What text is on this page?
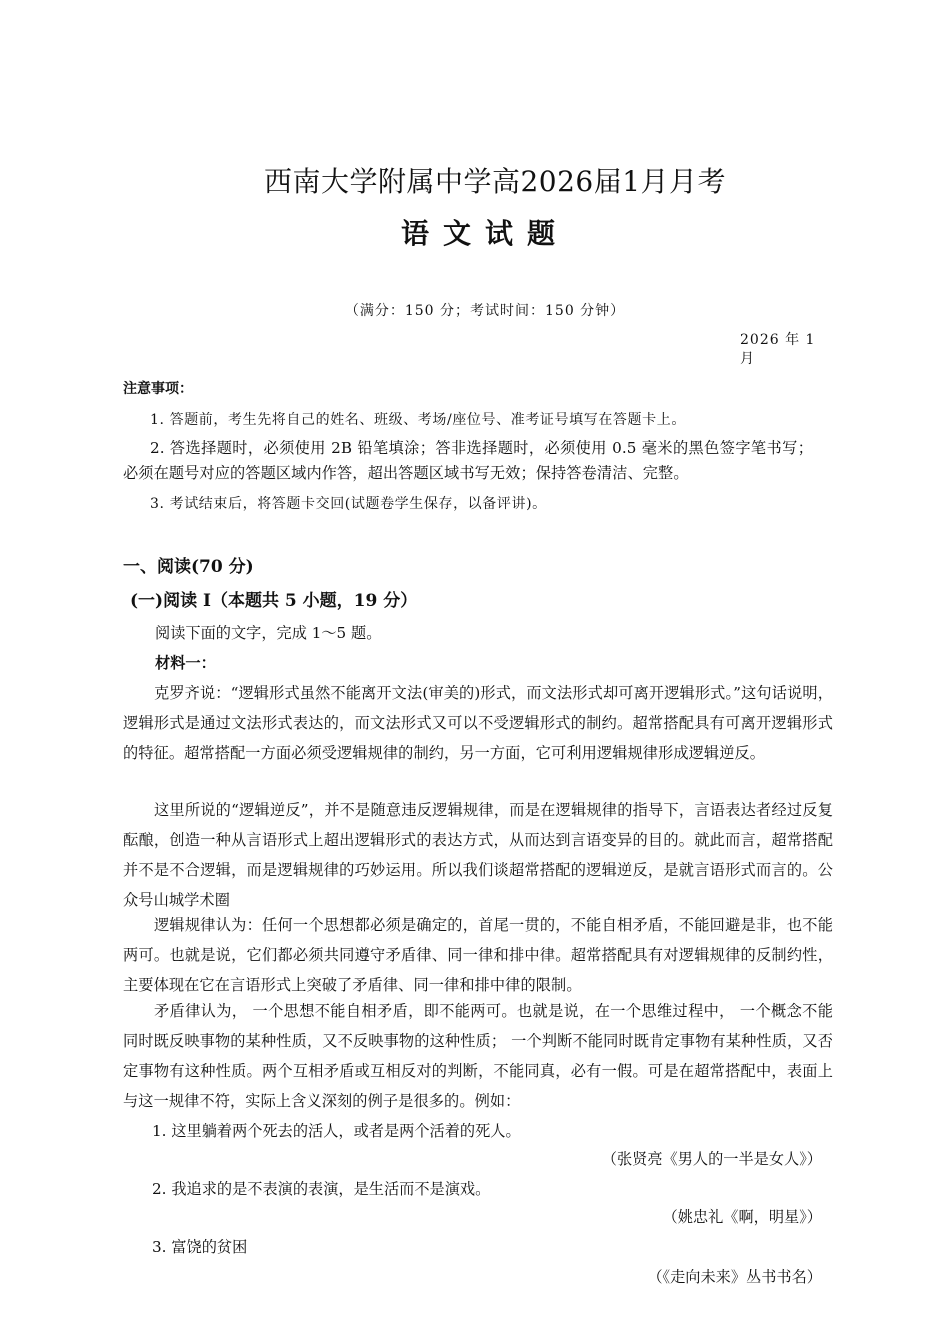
西南大学附属中学高2026届1月月考
语文试题
（满分：150 分；考试时间：150 分钟）
2026 年 1 月
注意事项：
1. 答题前，考生先将自己的姓名、班级、考场/座位号、准考证号填写在答题卡上。
2. 答选择题时，必须使用 2B 铅笔填涂；答非选择题时，必须使用 0.5 毫米的黑色签字笔书写； 必须在题号对应的答题区域内作答，超出答题区域书写无效；保持答卷清洁、完整。
3. 考试结束后，将答题卡交回(试题卷学生保存，以备评讲)。
一、阅读(70 分)
(一)阅读 I（本题共 5 小题，19 分）
阅读下面的文字，完成 1～5 题。
材料一：
克罗齐说：“逻辑形式虽然不能离开文法(审美的)形式，而文法形式却可离开逻辑形式。”这句话说明，逻辑形式是通过文法形式表达的，而文法形式又可以不受逻辑形式的制约。超常搭配具有可离开逻辑形式的特征。超常搭配一方面必须受逻辑规律的制约，另一方面，它可利用逻辑规律形成逻辑逆反。
这里所说的“逻辑逆反”，并不是随意违反逻辑规律，而是在逻辑规律的指导下，言语表达者经过反复酝酿，创造一种从言语形式上超出逻辑形式的表达方式，从而达到言语变异的目的。就此而言，超常搭配并不是不合逻辑，而是逻辑规律的巧妙运用。所以我们谈超常搭配的逻辑逆反，是就言语形式而言的。公众号山城学术圈
逻辑规律认为：任何一个思想都必须是确定的，首尾一贯的，不能自相矛盾，不能回避是非，也不能两可。也就是说，它们都必须共同遵守矛盾律、同一律和排中律。超常搭配具有对逻辑规律的反制约性，主要体现在它在言语形式上突破了矛盾律、同一律和排中律的限制。
矛盾律认为， 一个思想不能自相矛盾，即不能两可。也就是说，在一个思维过程中， 一个概念不能同时既反映事物的某种性质，又不反映事物的这种性质； 一个判断不能同时既肯定事物有某种性质，又否定事物有这种性质。两个互相矛盾或互相反对的判断，不能同真，必有一假。可是在超常搭配中，表面上与这一规律不符，实际上含义深刻的例子是很多的。例如：
1. 这里躺着两个死去的活人，或者是两个活着的死人。
（张贤亮《男人的一半是女人》）
2. 我追求的是不表演的表演，是生活而不是演戏。
（姚忠礼《啊，明星》）
3. 富饶的贫困
（《走向未来》丛书书名）
